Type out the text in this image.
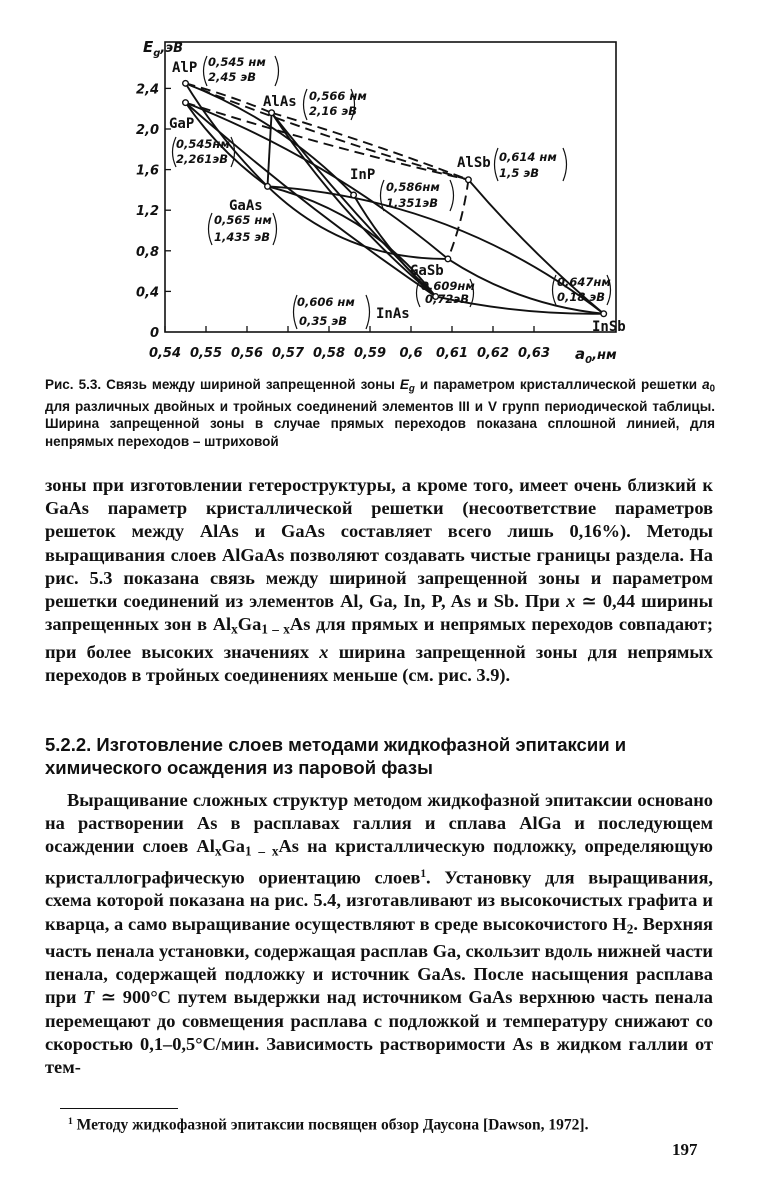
0,54 0,55 0,56 0,57 0,58 0,59 0,6 0,61 0,62 0,63
0
0,4
0,8
1,2
1,6
2,0
2,4
AlP 0,545 нм
2,45 эВ
AlAs 0,566 нм
2,16 эВ
GaP
0,545нм
2,261эВ
InP
0,586нм
1,351эВ
AlSb 0,614 нм
1,5 эВ
GaAs
0,565 нм
1,435 эВ
GaSb
0,609нм
0,72эВ
InAs
0,606 нм
0,35 эВ	InSb
0,647нм
0,18 эВ
$E_g,эВ$
$a_0,нм$
Рис. 5.3. Связь между шириной запрещенной зоны $E_g$ и параметром кристаллической решетки $a_0$ для различных двойных и тройных соединений элементов III и V групп периодической таблицы. Ширина запрещенной зоны в случае прямых переходов показана сплошной линией, для непрямых переходов – штриховой

зоны при изготовлении гетероструктуры, а кроме того, имеет очень близкий к GaAs параметр кристаллической решетки (несоответствие параметров решеток между AlAs и GaAs составляет всего лишь 0,16%). Методы выращивания слоев AlGaAs позволяют создавать чистые границы раздела. На рис. 5.3 показана связь между шириной запрещенной зоны и параметром решетки соединений из элементов Al, Ga, In, P, As и Sb. При x ≃ 0,44 ширины запрещенных зон в $Al_xGa_{1 - x}As$ для прямых и непрямых переходов совпадают; при более высоких значениях x ширина запрещенной зоны для непрямых переходов в тройных соединениях меньше (см. рис. 3.9).

5.2.2. Изготовление слоев методами жидкофазной эпитаксии и химического осаждения из паровой фазы

Выращивание сложных структур методом жидкофазной эпитаксии основано на растворении As в расплавах галлия и сплава AlGa и последующем осаждении слоев $Al_xGa_{1 - x}As$ на кристаллическую подложку, определяющую кристаллографическую ориентацию слоев$^1$. Установку для выращивания, схема которой показана на рис. 5.4, изготавливают из высокочистых графита и кварца, а само выращивание осуществляют в среде высокочистого $H_2$. Верхняя часть пенала установки, содержащая расплав Ga, скользит вдоль нижней части пенала, содержащей подложку и источник GaAs. После насыщения расплава при T ≃ 900°C путем выдержки над источником GaAs верхнюю часть пенала перемещают до совмещения расплава с подложкой и температуру снижают со скоростью 0,1–0,5°C/мин. Зависимость растворимости As в жидком галлии от тем-

$^1$ Методу жидкофазной эпитаксии посвящен обзор Даусона [Dawson, 1972].
197
